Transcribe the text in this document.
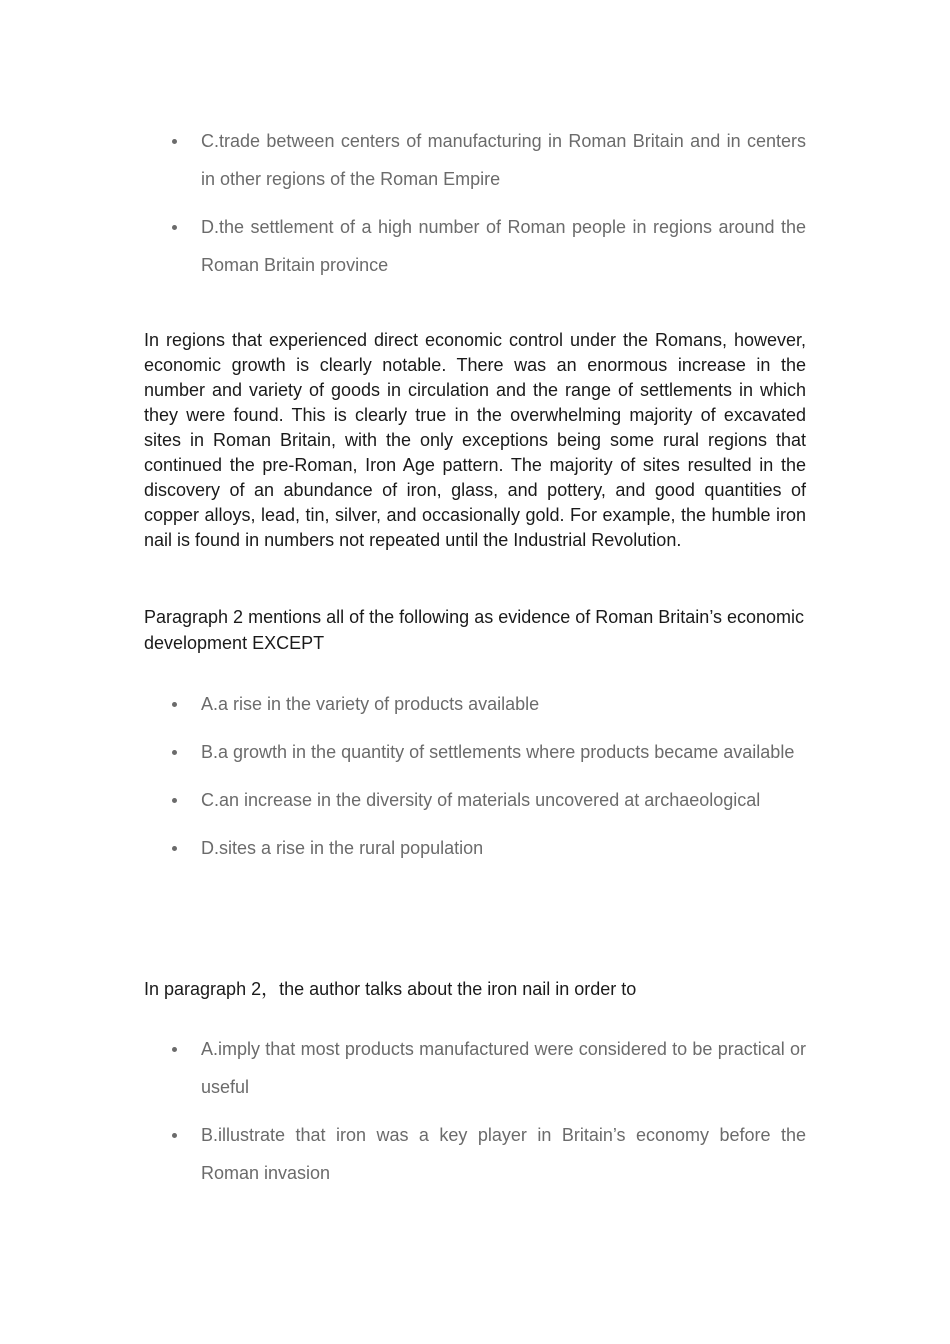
C.trade between centers of manufacturing in Roman Britain and in centers in other regions of the Roman Empire
D.the settlement of a high number of Roman people in regions around the Roman Britain province

In regions that experienced direct economic control under the Romans, however, economic growth is clearly notable. There was an enormous increase in the number and variety of goods in circulation and the range of settlements in which they were found. This is clearly true in the overwhelming majority of excavated sites in Roman Britain, with the only exceptions being some rural regions that continued the pre-Roman, Iron Age pattern. The majority of sites resulted in the discovery of an abundance of iron, glass, and pottery, and good quantities of copper alloys, lead, tin, silver, and occasionally gold. For example, the humble iron nail is found in numbers not repeated until the Industrial Revolution.

Paragraph 2 mentions all of the following as evidence of Roman Britain’s economic development EXCEPT

A.a rise in the variety of products available
B.a growth in the quantity of settlements where products became available
C.an increase in the diversity of materials uncovered at archaeological
D.sites a rise in the rural population

In paragraph 2，the author talks about the iron nail in order to

A.imply that most products manufactured were considered to be practical or useful
B.illustrate that iron was a key player in Britain’s economy before the Roman invasion
